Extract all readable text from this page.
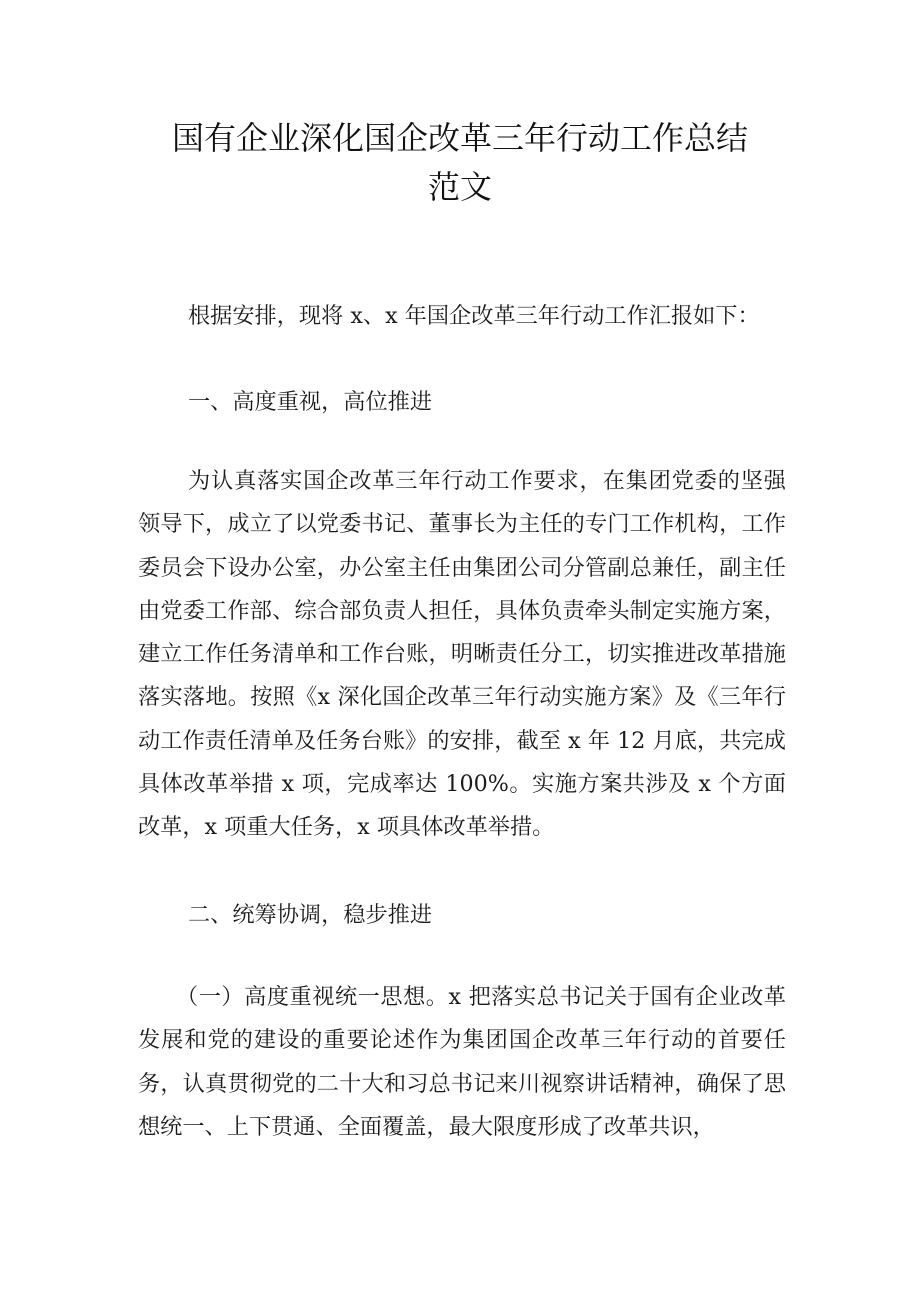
国有企业深化国企改革三年行动工作总结
范文
根据安排，现将 x、x 年国企改革三年行动工作汇报如下：
一、高度重视，高位推进

为认真落实国企改革三年行动工作要求，在集团党委的坚强领导下，成立了以党委书记、董事长为主任的专门工作机构，工作委员会下设办公室，办公室主任由集团公司分管副总兼任，副主任由党委工作部、综合部负责人担任，具体负责牵头制定实施方案，建立工作任务清单和工作台账，明晰责任分工，切实推进改革措施落实落地。按照《x 深化国企改革三年行动实施方案》及《三年行动工作责任清单及任务台账》的安排，截至 x 年 12 月底，共完成具体改革举措 x 项，完成率达 100%。实施方案共涉及 x 个方面改革，x 项重大任务，x 项具体改革举措。

二、统筹协调，稳步推进

（一）高度重视统一思想。x 把落实总书记关于国有企业改革发展和党的建设的重要论述作为集团国企改革三年行动的首要任务，认真贯彻党的二十大和习总书记来川视察讲话精神，确保了思想统一、上下贯通、全面覆盖，最大限度形成了改革共识，
